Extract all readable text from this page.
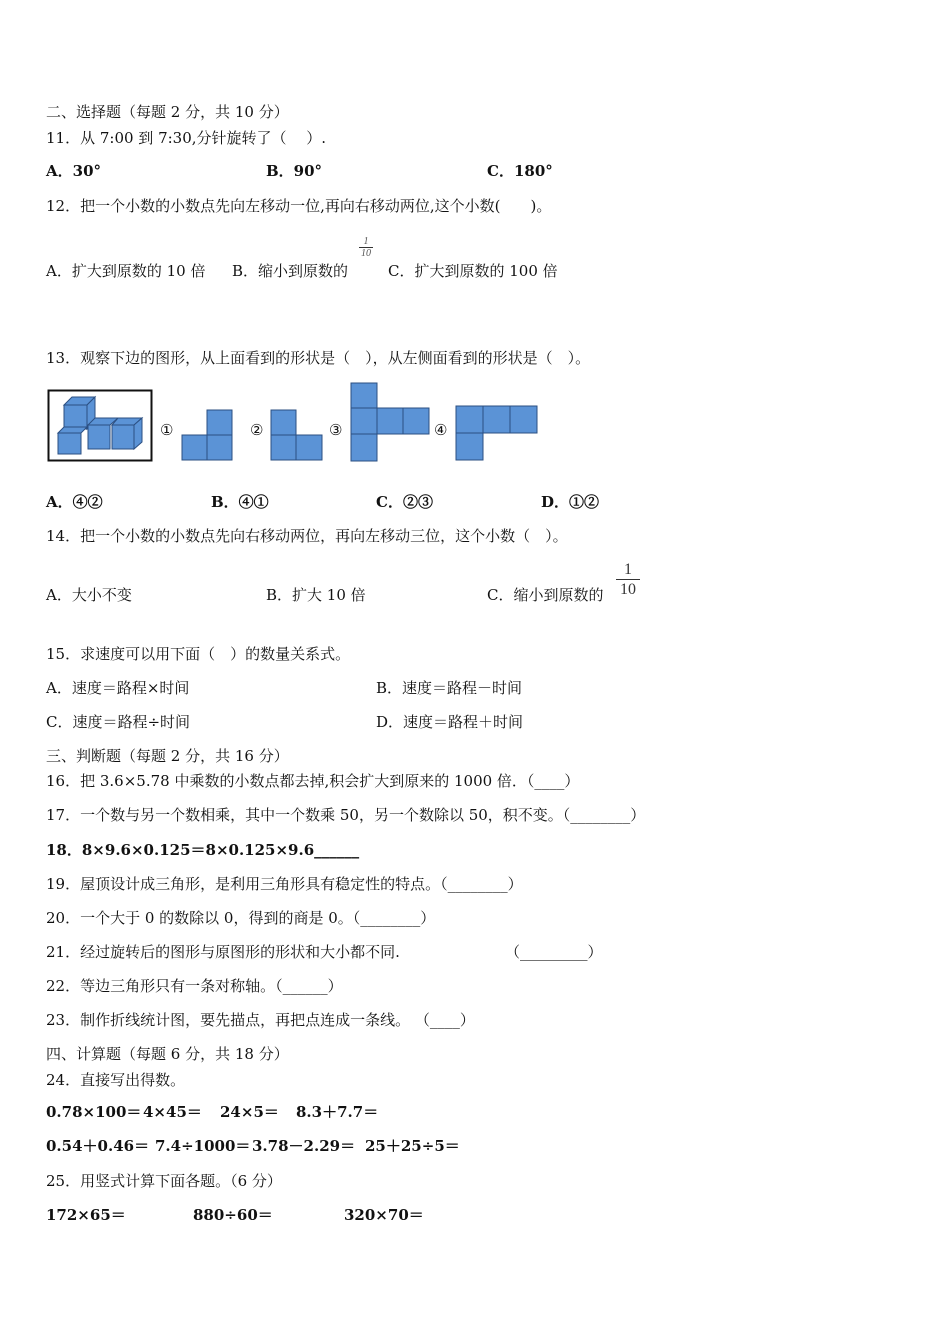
二、选择题（每题 2 分，共 10 分）
11．从 7:00 到 7:30,分针旋转了（　 ）.
A．30°	B．90°	C．180°
12．把一个小数的小数点先向左移动一位,再向右移动两位,这个小数(　　)。
A．扩大到原数的 10 倍 B．缩小到原数的
1
10
C．扩大到原数的 100 倍
13．观察下边的图形，从上面看到的形状是（　），从左侧面看到的形状是（　）。
①	②	③	④
A．④②	B．④①	C．②③	D．①②
14．把一个小数的小数点先向右移动两位，再向左移动三位，这个小数（　）。
A．大小不变	B．扩大 10 倍	C．缩小到原数的
1
10
15．求速度可以用下面（　）的数量关系式。
A．速度＝路程×时间	B．速度＝路程－时间
C．速度＝路程÷时间	D．速度＝路程＋时间
三、判断题（每题 2 分，共 16 分）
16．把 3.6×5.78 中乘数的小数点都去掉,积会扩大到原来的 1000 倍．（____）
17．一个数与另一个数相乘，其中一个数乘 50，另一个数除以 50，积不变。（________）
18．8×9.6×0.125＝8×0.125×9.6______
19．屋顶设计成三角形，是利用三角形具有稳定性的特点。（________）
20．一个大于 0 的数除以 0，得到的商是 0。（________）
21．经过旋转后的图形与原图形的形状和大小都不同.	（_________）
22．等边三角形只有一条对称轴。（______）
23．制作折线统计图，要先描点，再把点连成一条线。 （____）
四、计算题（每题 6 分，共 18 分）
24．直接写出得数。
0.78×100＝ 4×45＝ 24×5＝ 8.3＋7.7＝
0.54＋0.46＝ 7.4÷1000＝ 3.78－2.29＝ 25＋25÷5＝
25．用竖式计算下面各题。（6 分）
172×65＝	880÷60＝	320×70＝
